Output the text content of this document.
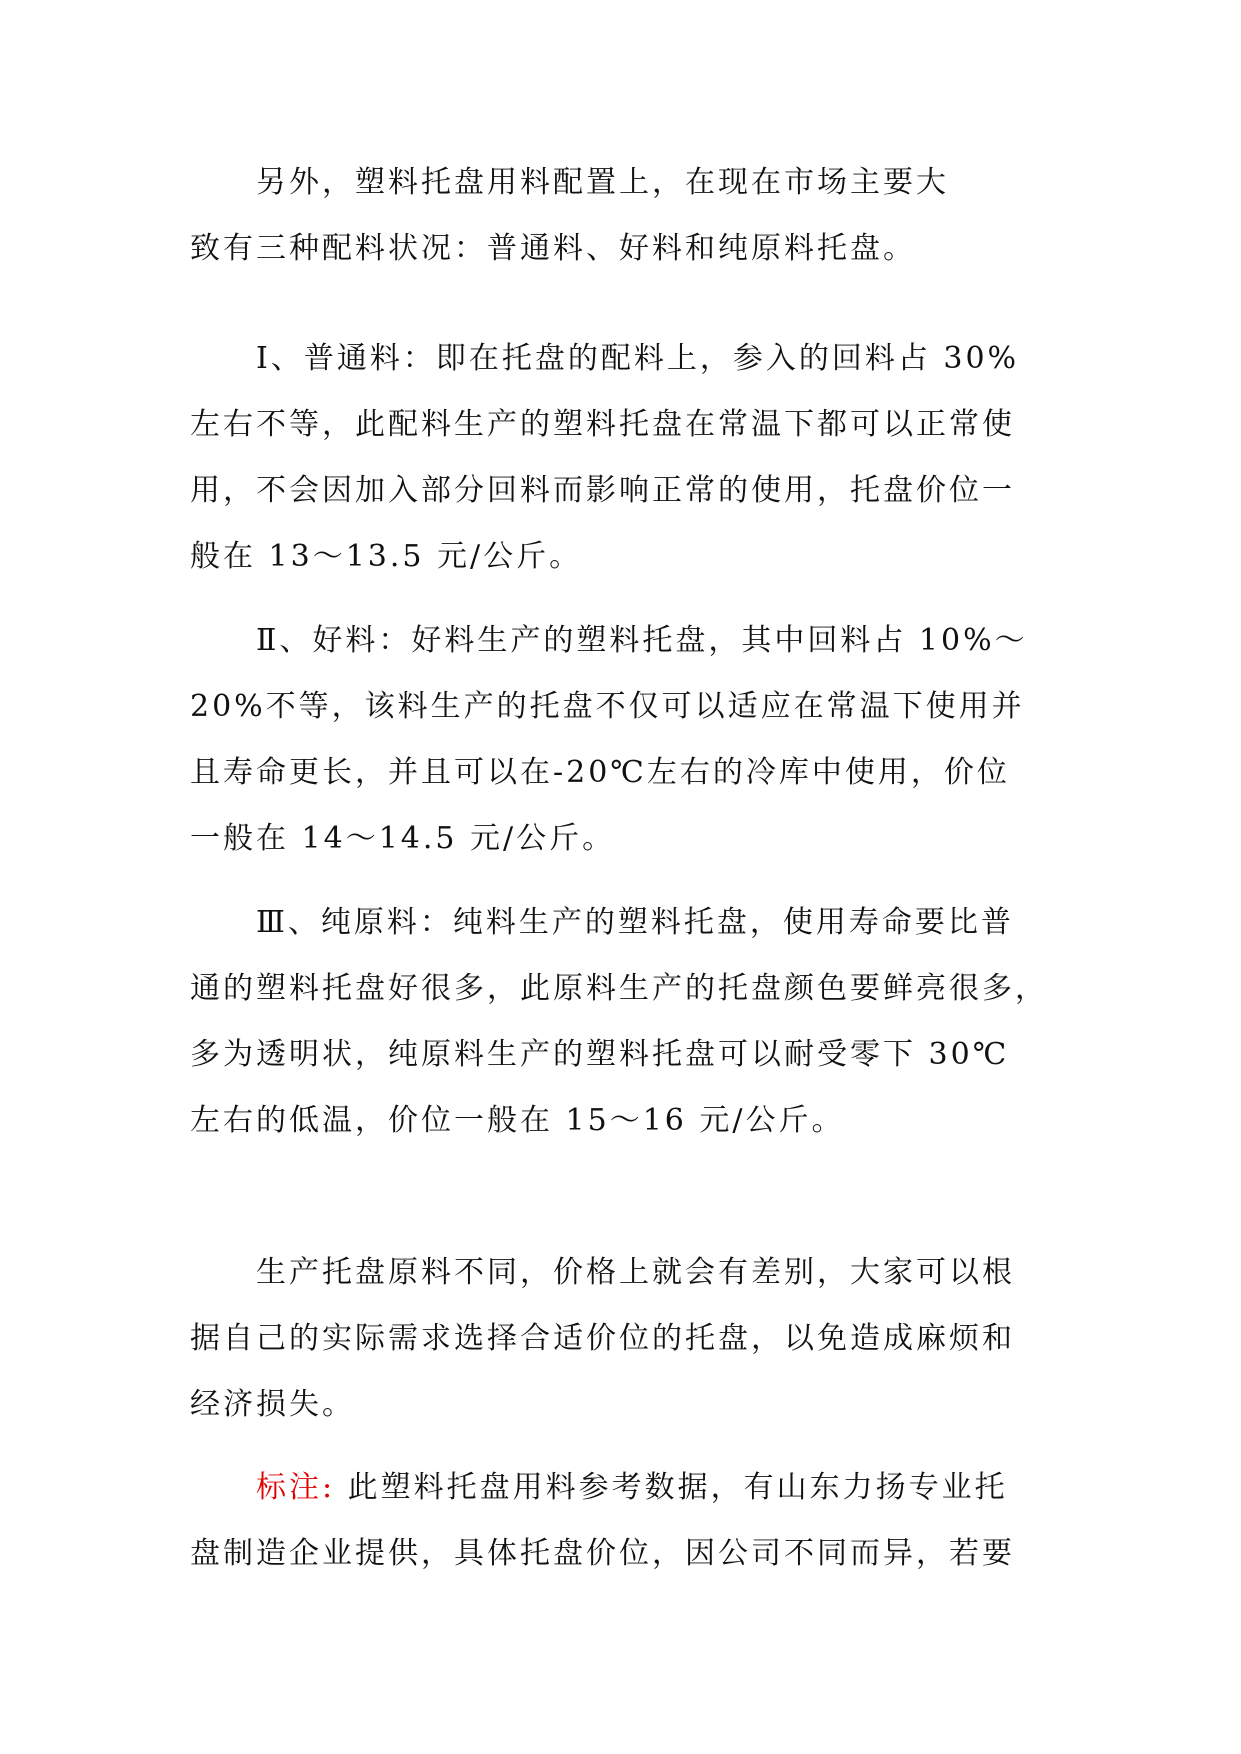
另外，塑料托盘用料配置上，在现在市场主要大
致有三种配料状况：普通料、好料和纯原料托盘。
Ⅰ、普通料：即在托盘的配料上，参入的回料占 30%
左右不等，此配料生产的塑料托盘在常温下都可以正常使
用，不会因加入部分回料而影响正常的使用，托盘价位一
般在 13～13.5 元/公斤。
Ⅱ、好料：好料生产的塑料托盘，其中回料占 10%～
20%不等，该料生产的托盘不仅可以适应在常温下使用并
且寿命更长，并且可以在-20℃左右的冷库中使用，价位
一般在 14～14.5 元/公斤。
Ⅲ、纯原料：纯料生产的塑料托盘，使用寿命要比普
通的塑料托盘好很多，此原料生产的托盘颜色要鲜亮很多，
多为透明状，纯原料生产的塑料托盘可以耐受零下 30℃
左右的低温，价位一般在 15～16 元/公斤。
生产托盘原料不同，价格上就会有差别，大家可以根
据自己的实际需求选择合适价位的托盘，以免造成麻烦和
经济损失。
标注: 此塑料托盘用料参考数据，有山东力扬专业托
盘制造企业提供，具体托盘价位，因公司不同而异，若要
